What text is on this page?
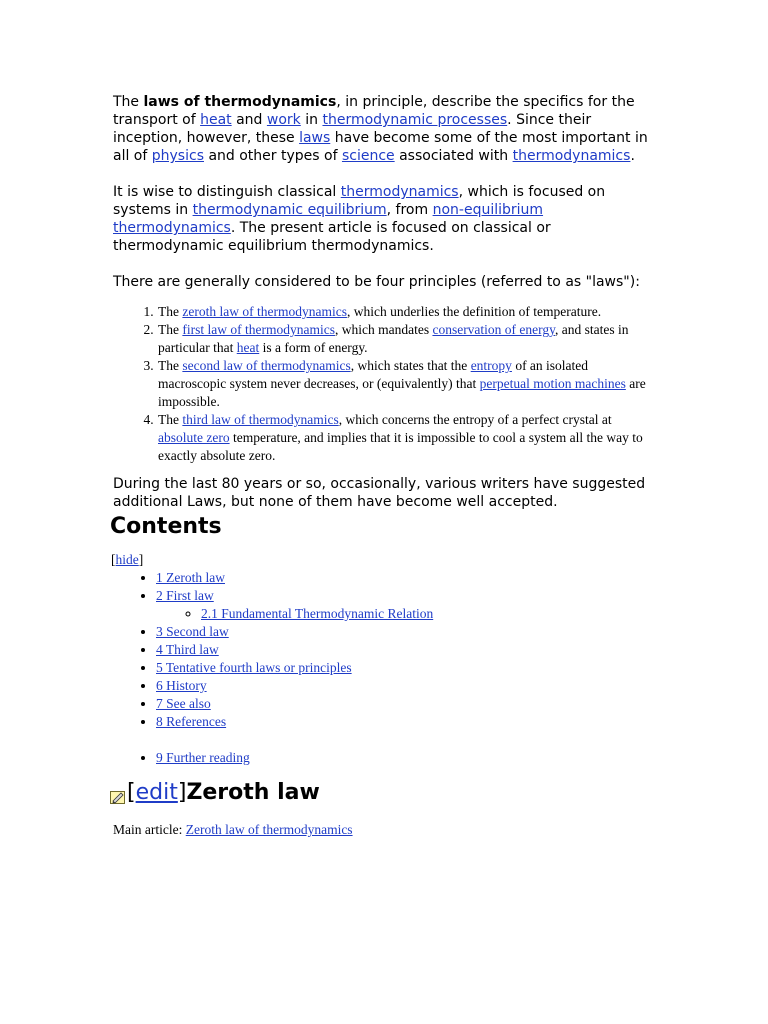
The laws of thermodynamics, in principle, describe the specifics for the transport of heat and work in thermodynamic processes. Since their inception, however, these laws have become some of the most important in all of physics and other types of science associated with thermodynamics.

It is wise to distinguish classical thermodynamics, which is focused on systems in thermodynamic equilibrium, from non-equilibrium thermodynamics. The present article is focused on classical or thermodynamic equilibrium thermodynamics.

There are generally considered to be four principles (referred to as "laws"):

1. The zeroth law of thermodynamics, which underlies the definition of temperature.
2. The first law of thermodynamics, which mandates conservation of energy, and states in particular that heat is a form of energy.
3. The second law of thermodynamics, which states that the entropy of an isolated macroscopic system never decreases, or (equivalently) that perpetual motion machines are impossible.
4. The third law of thermodynamics, which concerns the entropy of a perfect crystal at absolute zero temperature, and implies that it is impossible to cool a system all the way to exactly absolute zero.

During the last 80 years or so, occasionally, various writers have suggested additional Laws, but none of them have become well accepted.

Contents
[hide]
• 1 Zeroth law
• 2 First law
◦ 2.1 Fundamental Thermodynamic Relation
• 3 Second law
• 4 Third law
• 5 Tentative fourth laws or principles
• 6 History
• 7 See also
• 8 References
• 9 Further reading
[ edit ] Zeroth law
Main article: Zeroth law of thermodynamics
